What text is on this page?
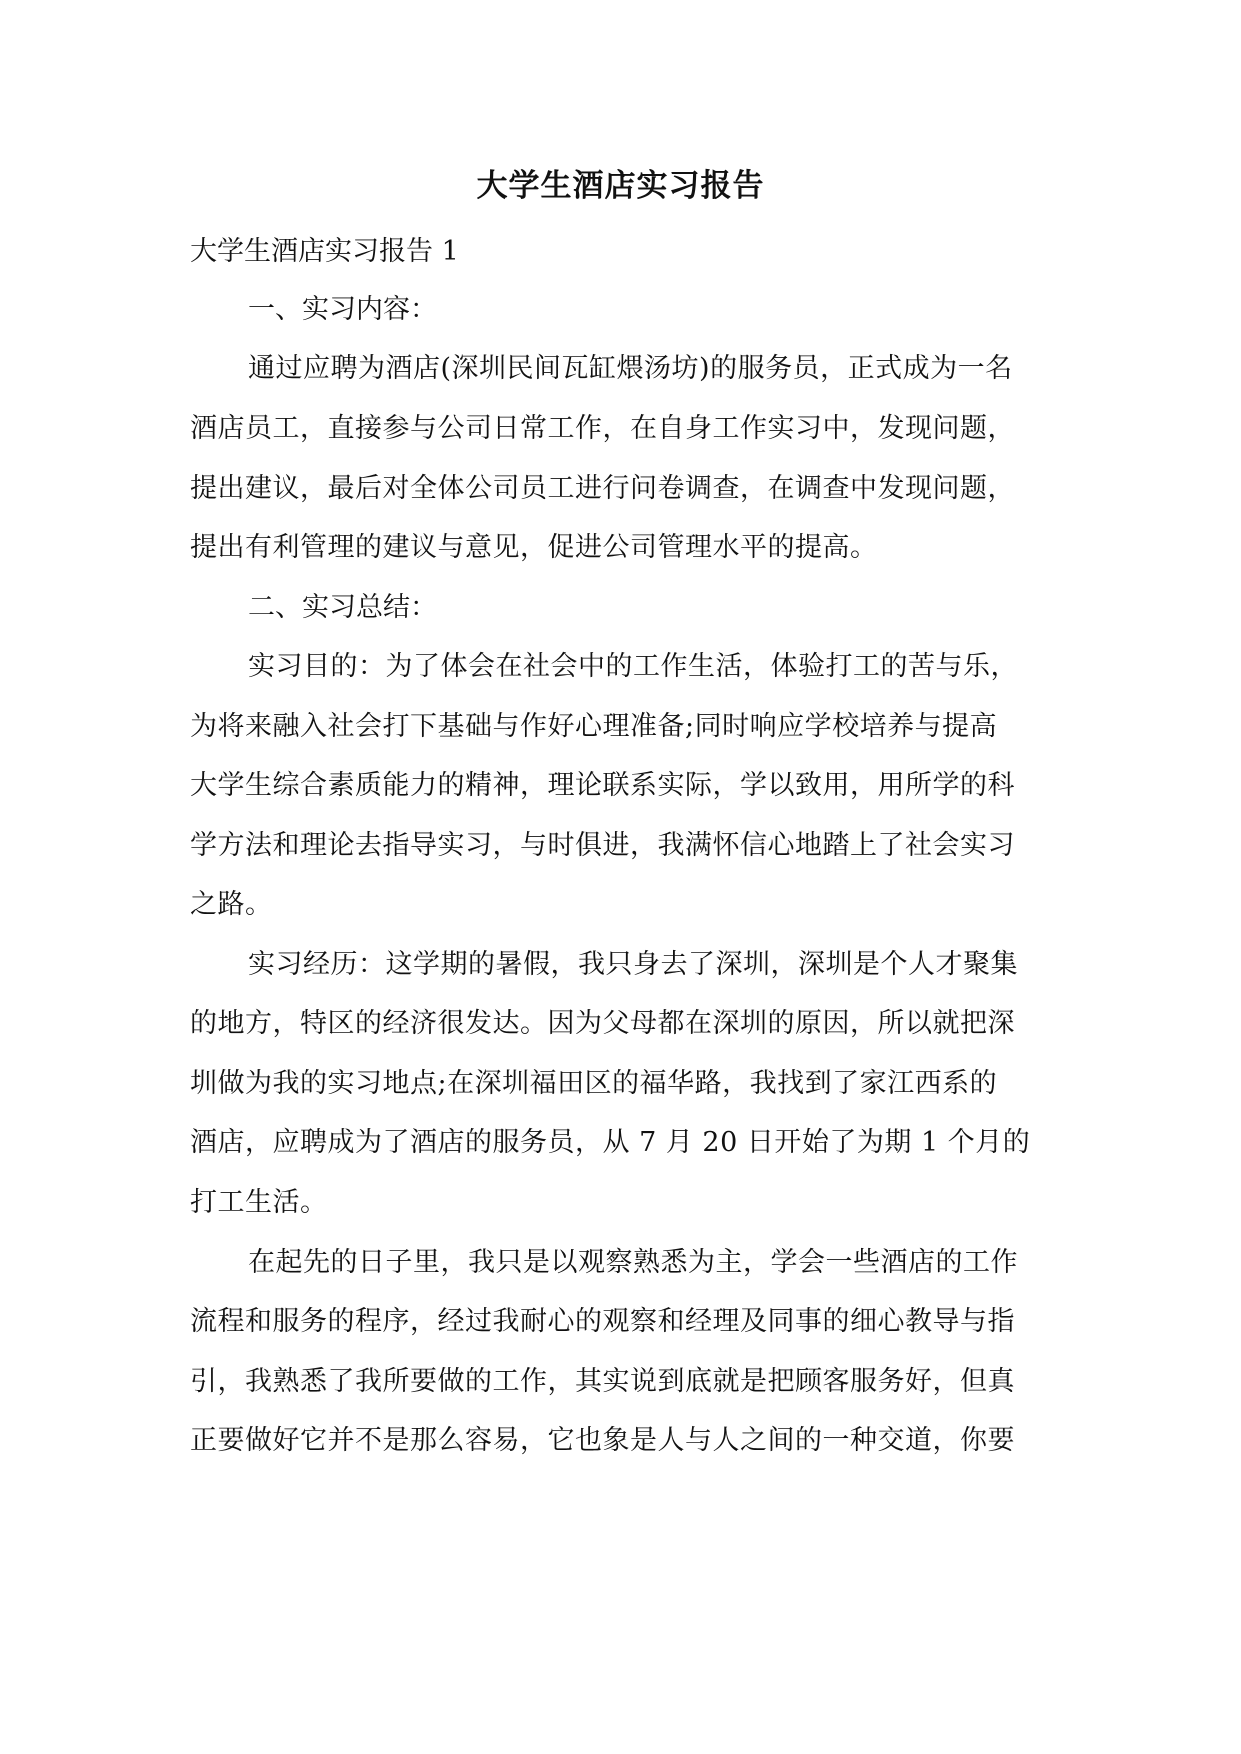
大学生酒店实习报告

大学生酒店实习报告 1

一、实习内容：

通过应聘为酒店(深圳民间瓦缸煨汤坊)的服务员，正式成为一名

酒店员工，直接参与公司日常工作，在自身工作实习中，发现问题，

提出建议，最后对全体公司员工进行问卷调查，在调查中发现问题，

提出有利管理的建议与意见，促进公司管理水平的提高。

二、实习总结：

实习目的：为了体会在社会中的工作生活，体验打工的苦与乐，

为将来融入社会打下基础与作好心理准备;同时响应学校培养与提高

大学生综合素质能力的精神，理论联系实际，学以致用，用所学的科

学方法和理论去指导实习，与时俱进，我满怀信心地踏上了社会实习

之路。

实习经历：这学期的暑假，我只身去了深圳，深圳是个人才聚集

的地方，特区的经济很发达。因为父母都在深圳的原因，所以就把深

圳做为我的实习地点;在深圳福田区的福华路，我找到了家江西系的

酒店，应聘成为了酒店的服务员，从 7 月 20 日开始了为期 1 个月的

打工生活。

在起先的日子里，我只是以观察熟悉为主，学会一些酒店的工作

流程和服务的程序，经过我耐心的观察和经理及同事的细心教导与指

引，我熟悉了我所要做的工作，其实说到底就是把顾客服务好，但真

正要做好它并不是那么容易，它也象是人与人之间的一种交道，你要
